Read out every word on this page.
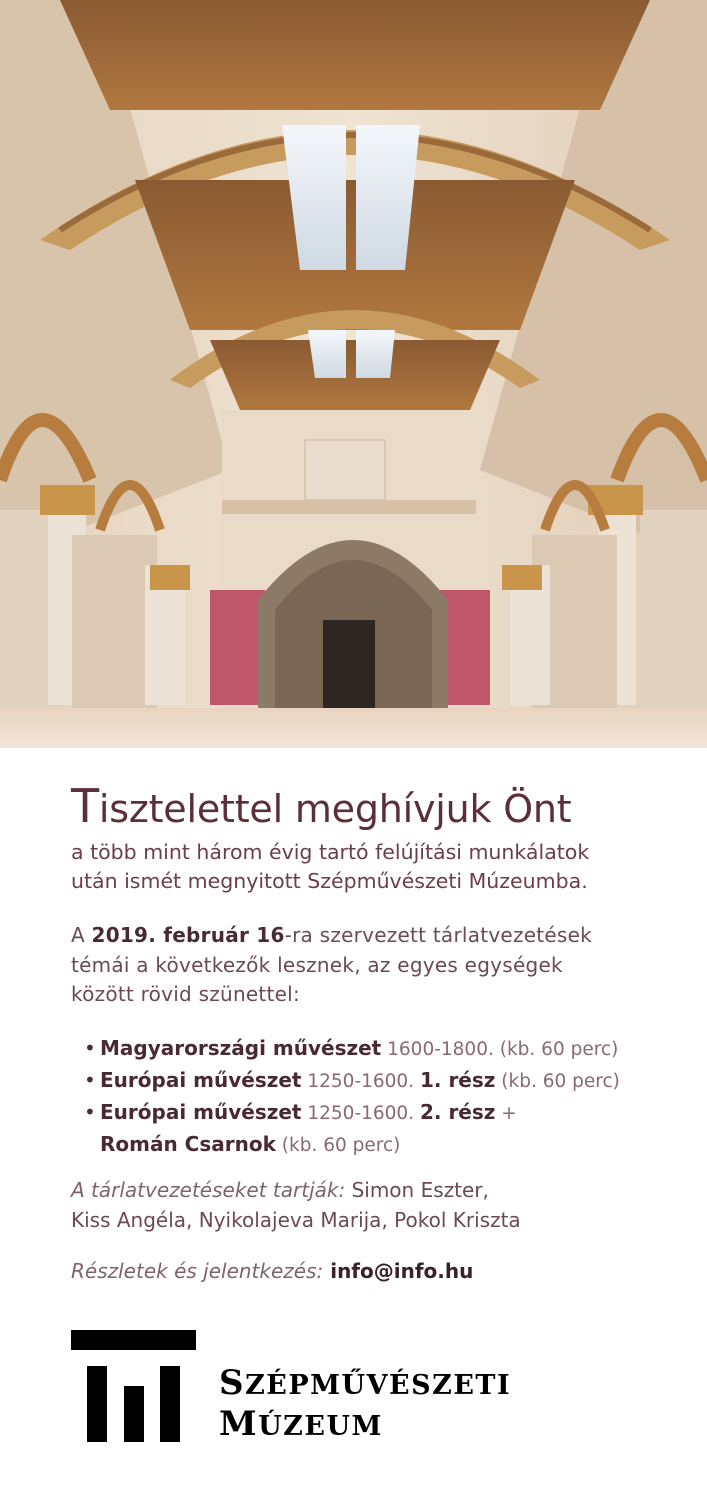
Tisztelettel meghívjuk Önt

a több mint három évig tartó felújítási munkálatok
után ismét megnyitott Szépművészeti Múzeumba.

A 2019. február 16-ra szervezett tárlatvezetések
témái a következők lesznek, az egyes egységek
között rövid szünettel:

• Magyarországi művészet 1600-1800. (kb. 60 perc)
• Európai művészet 1250-1600. 1. rész (kb. 60 perc)
• Európai művészet 1250-1600. 2. rész +
Román Csarnok (kb. 60 perc)

A tárlatvezetéseket tartják: Simon Eszter,
Kiss Angéla, Nyikolajeva Marija, Pokol Kriszta

Részletek és jelentkezés: info@info.hu

SZÉPMŰVÉSZETI
MÚZEUM
